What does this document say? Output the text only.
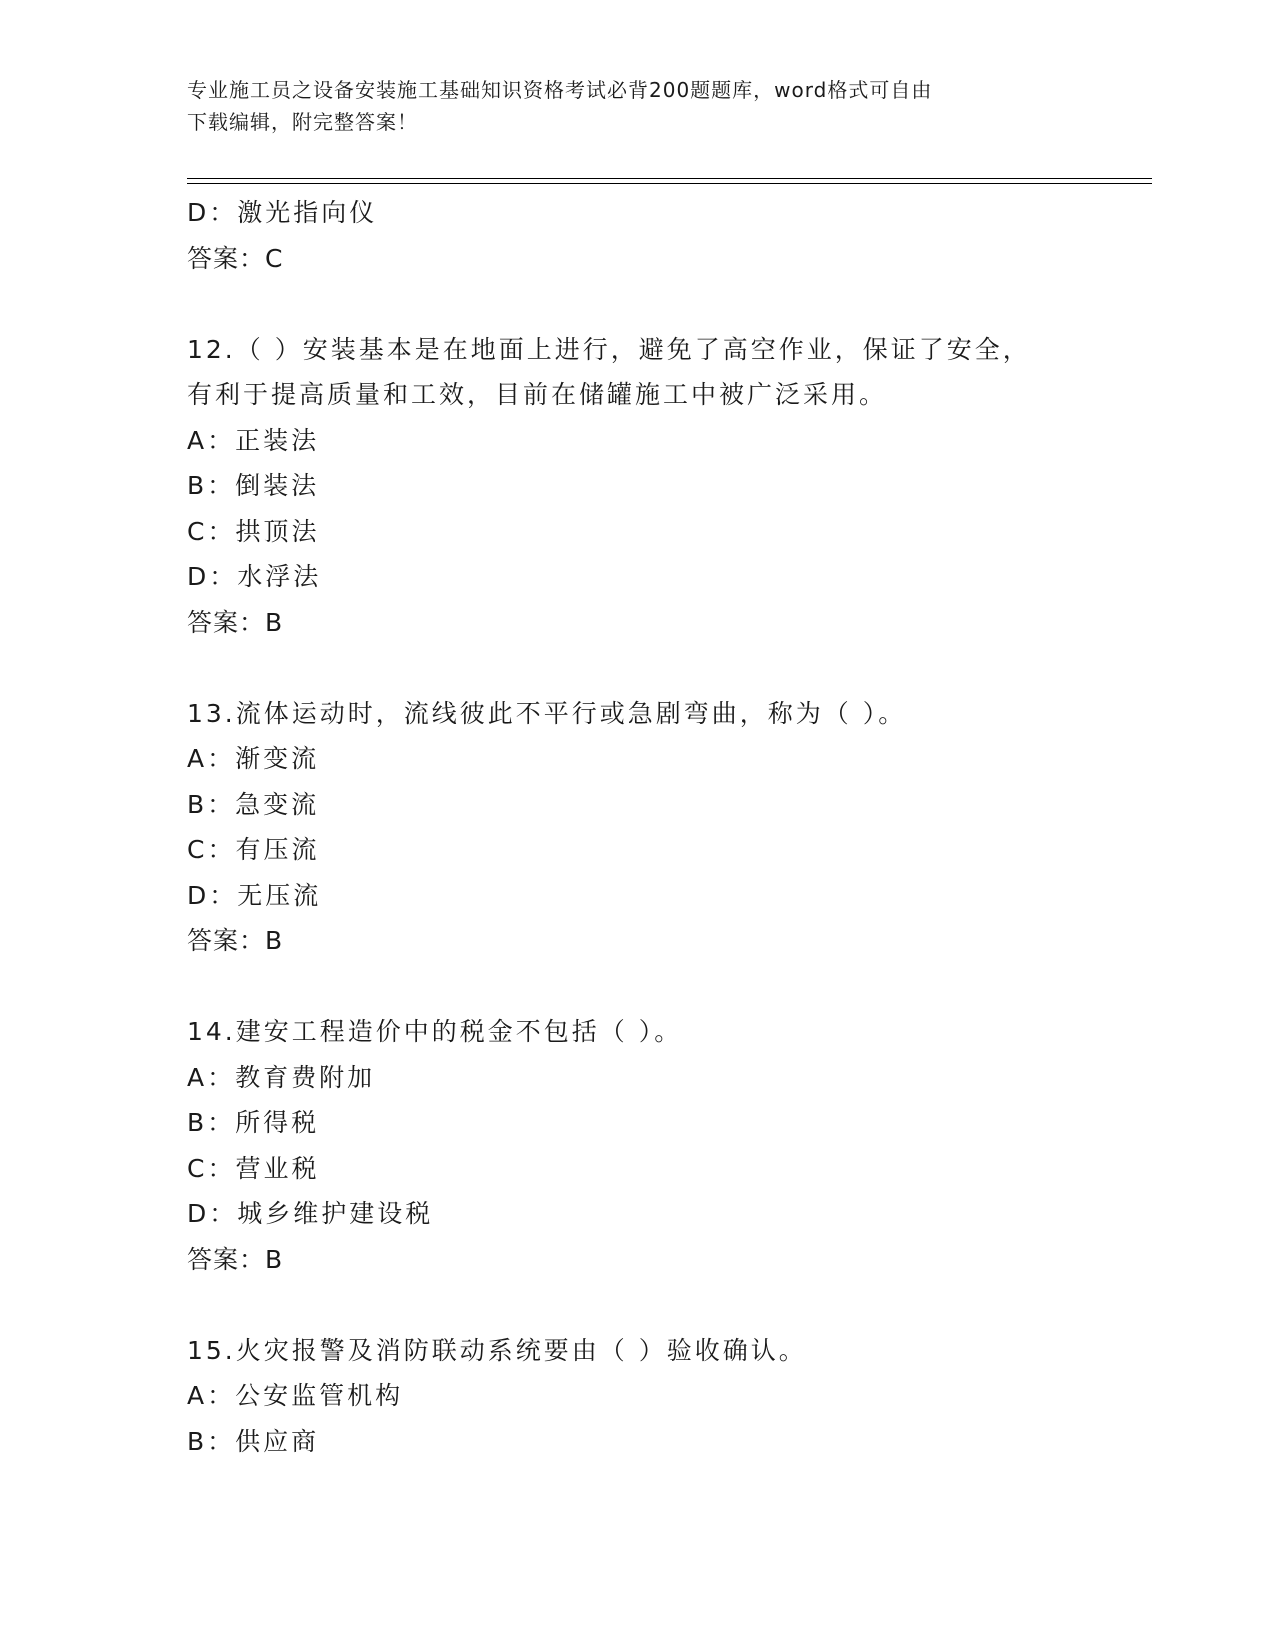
专业施工员之设备安装施工基础知识资格考试必背200题题库，word格式可自由
下载编辑，附完整答案！
D：激光指向仪
答案：C
12.（ ）安装基本是在地面上进行，避免了高空作业，保证了安全，
有利于提高质量和工效，目前在储罐施工中被广泛采用。
A：正装法
B：倒装法
C：拱顶法
D：水浮法
答案：B
13.流体运动时，流线彼此不平行或急剧弯曲，称为（ ）。
A：渐变流
B：急变流
C：有压流
D：无压流
答案：B
14.建安工程造价中的税金不包括（ ）。
A：教育费附加
B：所得税
C：营业税
D：城乡维护建设税
答案：B
15.火灾报警及消防联动系统要由（ ）验收确认。
A：公安监管机构
B：供应商
